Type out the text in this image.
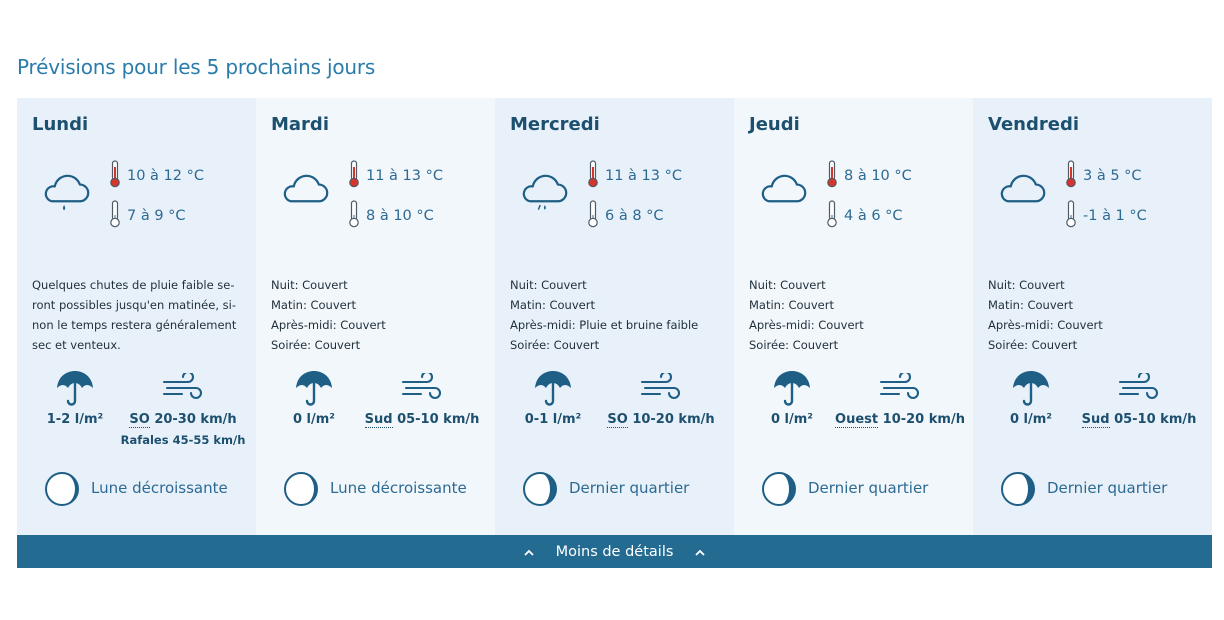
Prévisions pour les 5 prochains jours
Lundi
10 à 12 °C
7 à 9 °C
Quelques chutes de pluie faible se-
ront possibles jusqu'en matinée, si-
non le temps restera généralement
sec et venteux.
1-2 l/m²	SO 20-30 km/h
Rafales 45-55 km/h
Lune décroissante
Mardi
11 à 13 °C
8 à 10 °C
Nuit: Couvert
Matin: Couvert
Après-midi: Couvert
Soirée: Couvert
0 l/m²	Sud 05-10 km/h
Lune décroissante
Mercredi
11 à 13 °C
6 à 8 °C
Nuit: Couvert
Matin: Couvert
Après-midi: Pluie et bruine faible
Soirée: Couvert
0-1 l/m²	SO 10-20 km/h
Dernier quartier
Jeudi
8 à 10 °C
4 à 6 °C
Nuit: Couvert
Matin: Couvert
Après-midi: Couvert
Soirée: Couvert
0 l/m²	Ouest 10-20 km/h
Dernier quartier
Vendredi
3 à 5 °C
-1 à 1 °C
Nuit: Couvert
Matin: Couvert
Après-midi: Couvert
Soirée: Couvert
0 l/m²	Sud 05-10 km/h
Dernier quartier
Moins de détails
